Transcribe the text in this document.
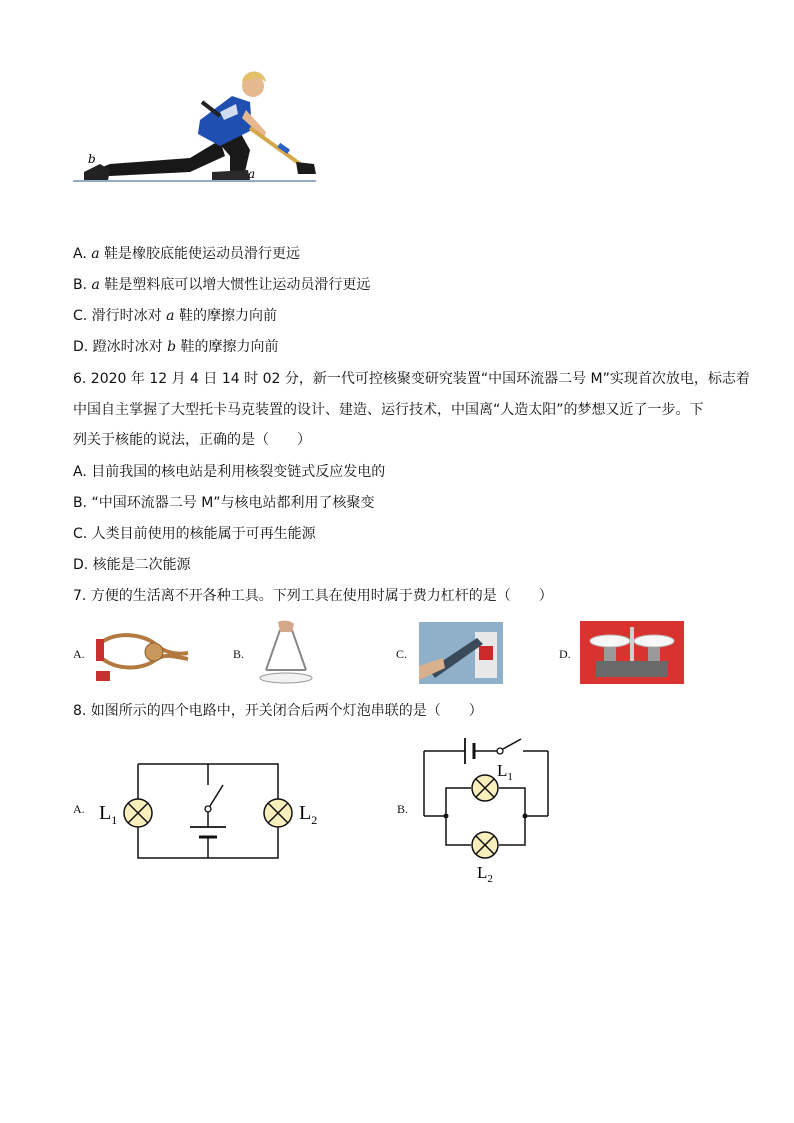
b
a
A. a 鞋是橡胶底能使运动员滑行更远
B. a 鞋是塑料底可以增大惯性让运动员滑行更远
C. 滑行时冰对 a 鞋的摩擦力向前
D. 蹬冰时冰对 b 鞋的摩擦力向前
6. 2020 年 12 月 4 日 14 时 02 分，新一代可控核聚变研究装置“中国环流器二号 M”实现首次放电，标志着
中国自主掌握了大型托卡马克装置的设计、建造、运行技术，中国离“人造太阳”的梦想又近了一步。下
列关于核能的说法，正确的是（　　）
A. 目前我国的核电站是利用核裂变链式反应发电的
B. “中国环流器二号 M”与核电站都利用了核聚变
C. 人类目前使用的核能属于可再生能源
D. 核能是二次能源
7. 方便的生活离不开各种工具。下列工具在使用时属于费力杠杆的是（　　）
A.	B.	C.	D.
8. 如图所示的四个电路中，开关闭合后两个灯泡串联的是（　　）
A. $L_1$	$L_2$
B.
$L_1$
$L_2$
